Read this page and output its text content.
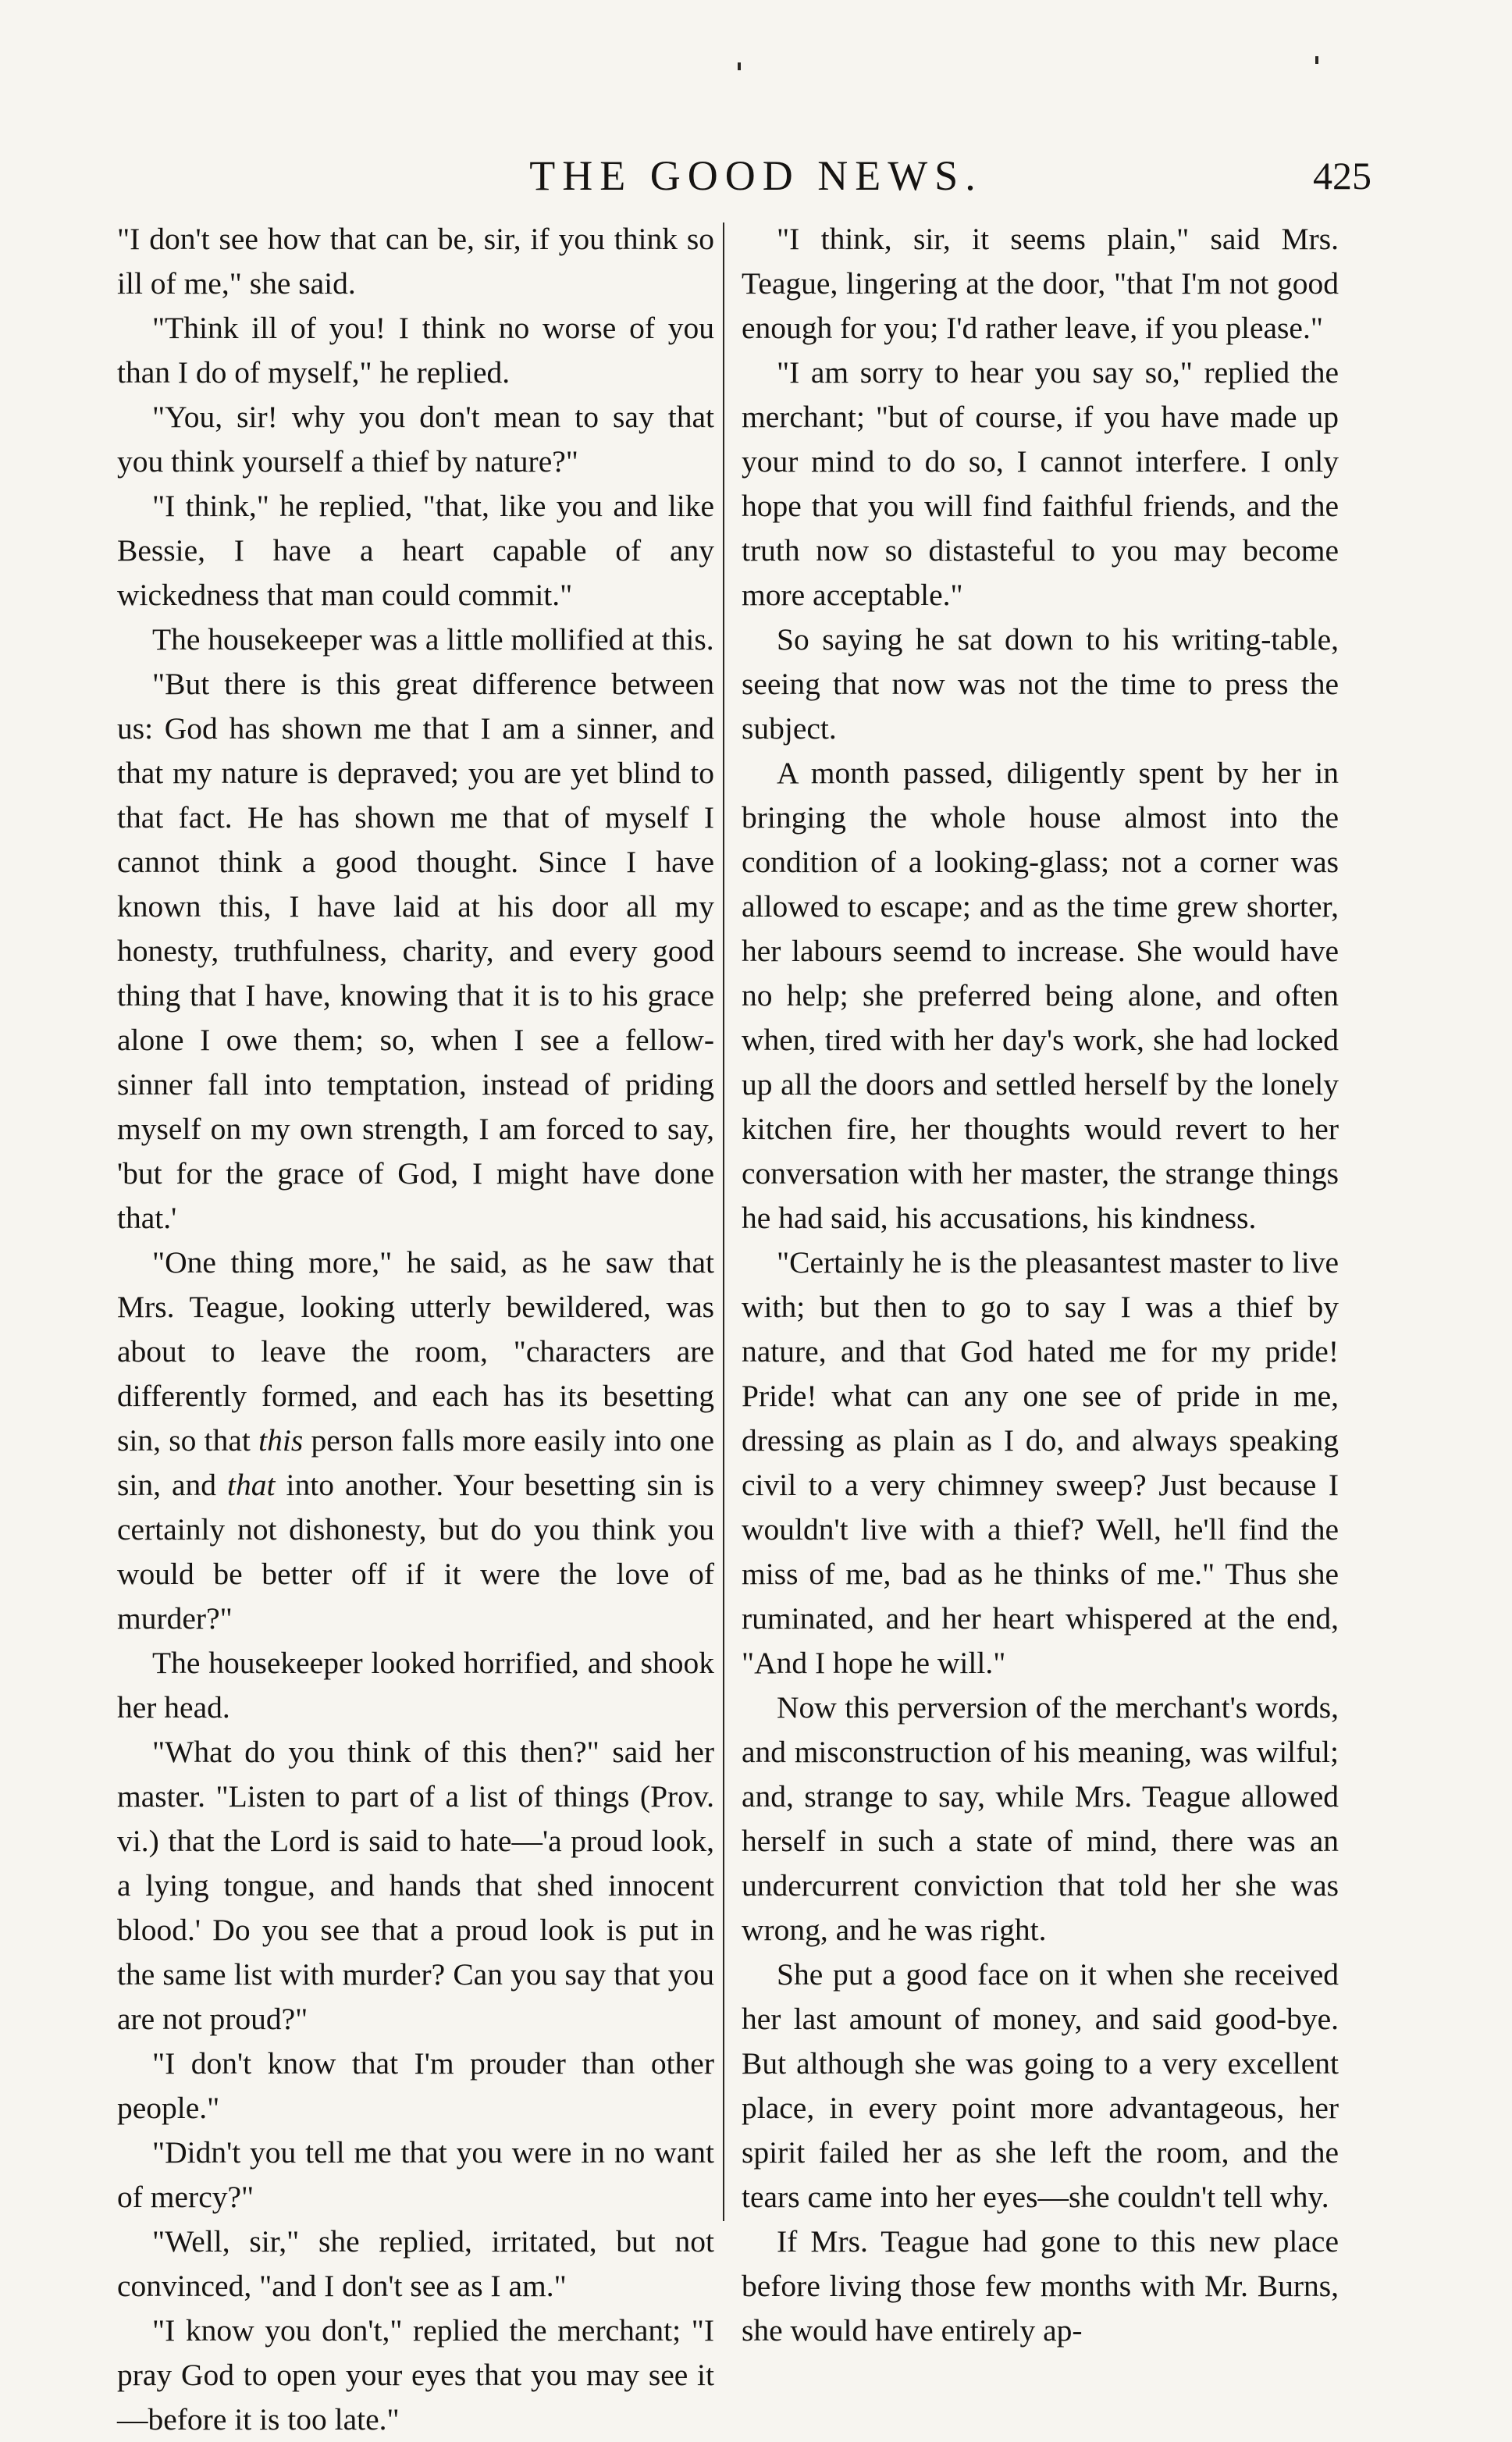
THE GOOD NEWS.	425

"I don't see how that can be, sir, if you think so ill of me," she said.

"Think ill of you! I think no worse of you than I do of myself," he replied.

"You, sir! why you don't mean to say that you think yourself a thief by nature?"

"I think," he replied, "that, like you and like Bessie, I have a heart capable of any wickedness that man could commit."

The housekeeper was a little mollified at this.

"But there is this great difference between us: God has shown me that I am a sinner, and that my nature is depraved; you are yet blind to that fact. He has shown me that of myself I cannot think a good thought. Since I have known this, I have laid at his door all my honesty, truthfulness, charity, and every good thing that I have, knowing that it is to his grace alone I owe them; so, when I see a fellow-sinner fall into temptation, instead of priding myself on my own strength, I am forced to say, 'but for the grace of God, I might have done that.'

"One thing more," he said, as he saw that Mrs. Teague, looking utterly bewildered, was about to leave the room, "characters are differently formed, and each has its besetting sin, so that this person falls more easily into one sin, and that into another. Your besetting sin is certainly not dishonesty, but do you think you would be better off if it were the love of murder?"

The housekeeper looked horrified, and shook her head.

"What do you think of this then?" said her master. "Listen to part of a list of things (Prov. vi.) that the Lord is said to hate—'a proud look, a lying tongue, and hands that shed innocent blood.' Do you see that a proud look is put in the same list with murder? Can you say that you are not proud?"

"I don't know that I'm prouder than other people."

"Didn't you tell me that you were in no want of mercy?"

"Well, sir," she replied, irritated, but not convinced, "and I don't see as I am."

"I know you don't," replied the merchant; "I pray God to open your eyes that you may see it—before it is too late."

"I think, sir, it seems plain," said Mrs. Teague, lingering at the door, "that I'm not good enough for you; I'd rather leave, if you please."

"I am sorry to hear you say so," replied the merchant; "but of course, if you have made up your mind to do so, I cannot interfere. I only hope that you will find faithful friends, and the truth now so distasteful to you may become more acceptable."

So saying he sat down to his writing-table, seeing that now was not the time to press the subject.

A month passed, diligently spent by her in bringing the whole house almost into the condition of a looking-glass; not a corner was allowed to escape; and as the time grew shorter, her labours seemd to increase. She would have no help; she preferred being alone, and often when, tired with her day's work, she had locked up all the doors and settled herself by the lonely kitchen fire, her thoughts would revert to her conversation with her master, the strange things he had said, his accusations, his kindness.

"Certainly he is the pleasantest master to live with; but then to go to say I was a thief by nature, and that God hated me for my pride! Pride! what can any one see of pride in me, dressing as plain as I do, and always speaking civil to a very chimney sweep? Just because I wouldn't live with a thief? Well, he'll find the miss of me, bad as he thinks of me." Thus she ruminated, and her heart whispered at the end, "And I hope he will."

Now this perversion of the merchant's words, and misconstruction of his meaning, was wilful; and, strange to say, while Mrs. Teague allowed herself in such a state of mind, there was an undercurrent conviction that told her she was wrong, and he was right.

She put a good face on it when she received her last amount of money, and said good-bye. But although she was going to a very excellent place, in every point more advantageous, her spirit failed her as she left the room, and the tears came into her eyes—she couldn't tell why.

If Mrs. Teague had gone to this new place before living those few months with Mr. Burns, she would have entirely ap-
